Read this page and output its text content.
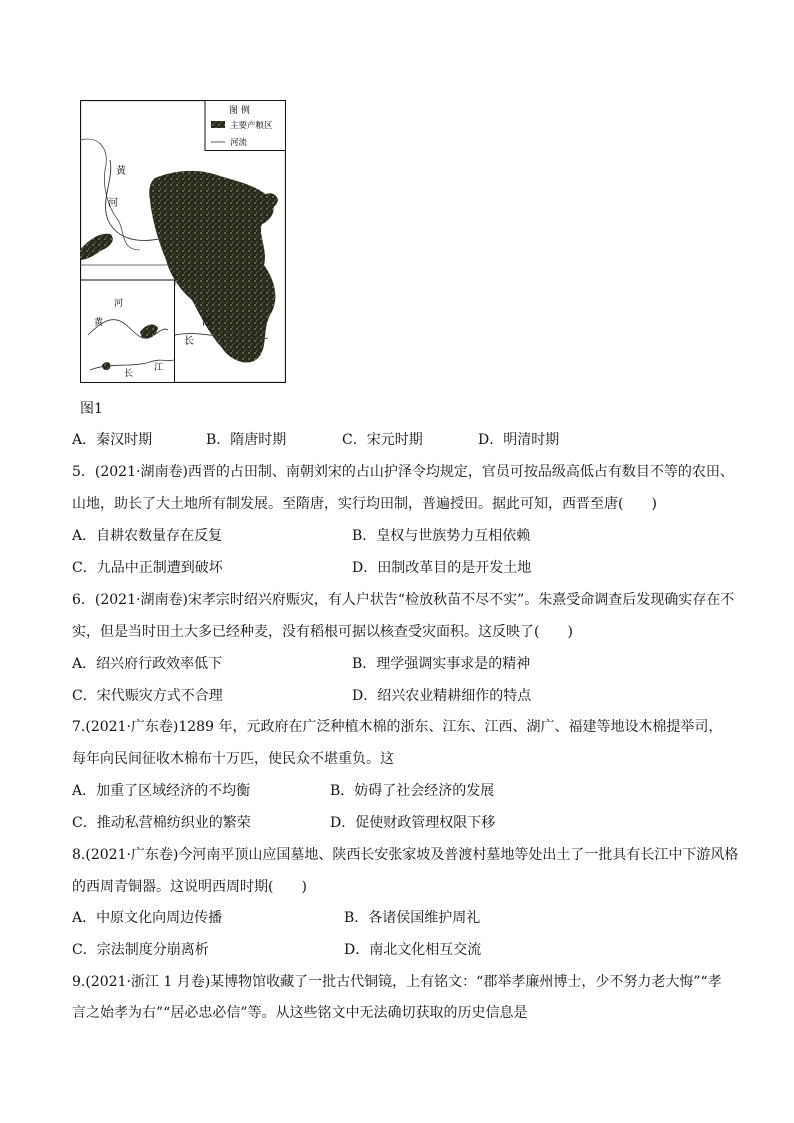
图 例
主要产粮区
河流
黄
河
江
长
河
黄
长
江
图1
A．秦汉时期	B．隋唐时期	C．宋元时期	D．明清时期
5．(2021·湖南卷)西晋的占田制、南朝刘宋的占山护泽令均规定，官员可按品级高低占有数目不等的农田、
山地，助长了大土地所有制发展。至隋唐，实行均田制，普遍授田。据此可知，西晋至唐(　　)
A．自耕农数量存在反复	B．皇权与世族势力互相依赖
C．九品中正制遭到破坏	D．田制改革目的是开发土地
6．(2021·湖南卷)宋孝宗时绍兴府赈灾，有人户状告“检放秋苗不尽不实”。朱熹受命调查后发现确实存在不
实，但是当时田土大多已经种麦，没有稻根可据以核查受灾面积。这反映了(　　)
A．绍兴府行政效率低下	B．理学强调实事求是的精神
C．宋代赈灾方式不合理	D．绍兴农业精耕细作的特点
7.(2021·广东卷)1289 年，元政府在广泛种植木棉的浙东、江东、江西、湖广、福建等地设木棉提举司，
每年向民间征收木棉布十万匹，使民众不堪重负。这
A．加重了区域经济的不均衡	B．妨碍了社会经济的发展
C．推动私营棉纺织业的繁荣	D．促使财政管理权限下移
8.(2021·广东卷)今河南平顶山应国墓地、陕西长安张家坡及普渡村墓地等处出土了一批具有长江中下游风格
的西周青铜器。这说明西周时期(　　)
A．中原文化向周边传播	B．各诸侯国维护周礼
C．宗法制度分崩离析	D．南北文化相互交流
9.(2021·浙江 1 月卷)某博物馆收藏了一批古代铜镜，上有铭文：“郡举孝廉州博士，少不努力老大悔”“孝
言之始孝为右”“居必忠必信”等。从这些铭文中无法确切获取的历史信息是
